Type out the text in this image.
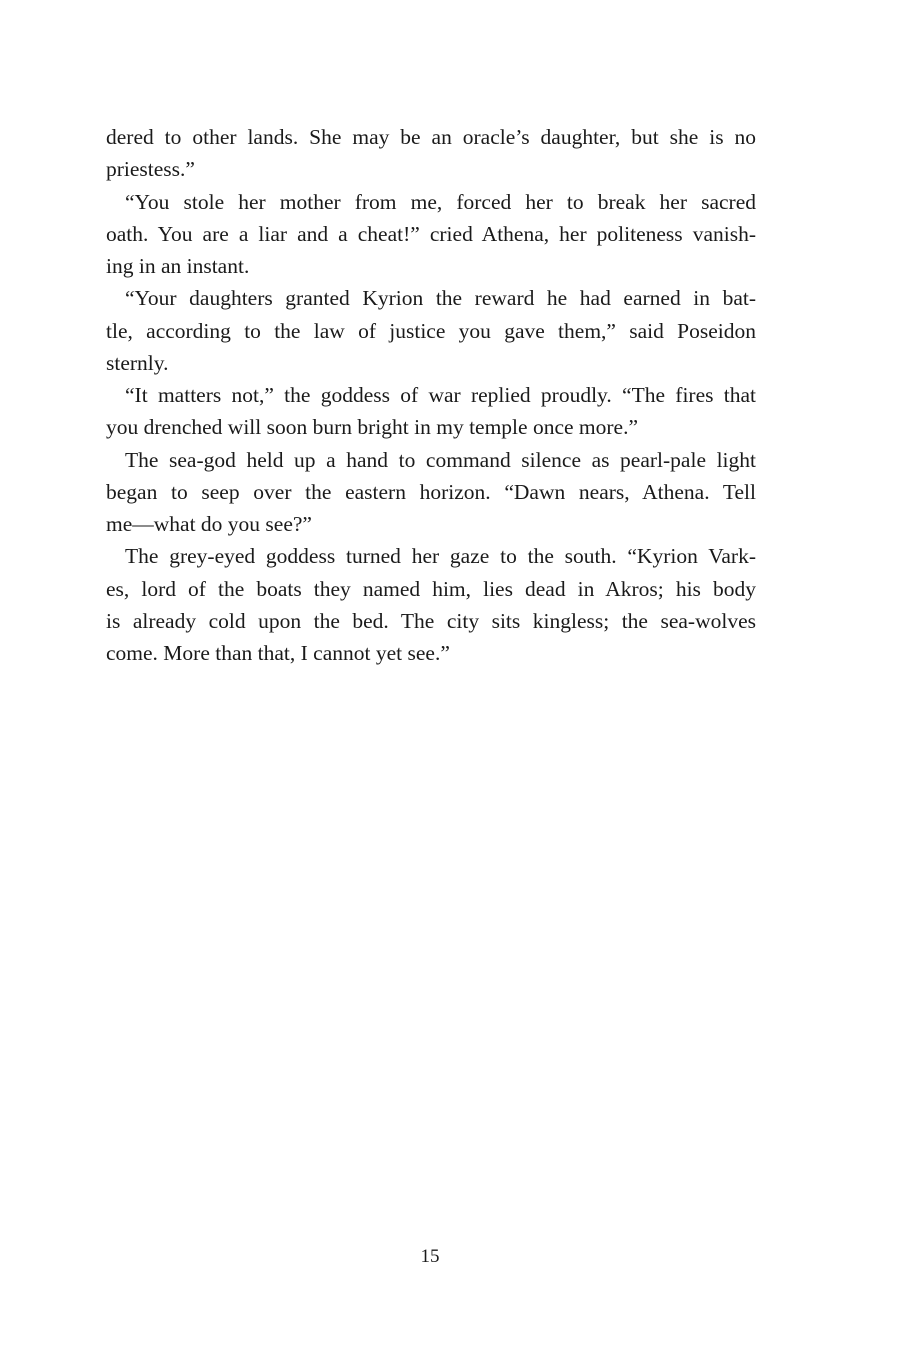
dered to other lands. She may be an oracle’s daughter, but she is no
priestess.”
“You stole her mother from me, forced her to break her sacred
oath. You are a liar and a cheat!” cried Athena, her politeness vanish-
ing in an instant.
“Your daughters granted Kyrion the reward he had earned in bat-
tle, according to the law of justice you gave them,” said Poseidon
sternly.
“It matters not,” the goddess of war replied proudly. “The fires that
you drenched will soon burn bright in my temple once more.”
The sea-god held up a hand to command silence as pearl-pale light
began to seep over the eastern horizon. “Dawn nears, Athena. Tell
me—what do you see?”
The grey-eyed goddess turned her gaze to the south. “Kyrion Vark-
es, lord of the boats they named him, lies dead in Akros; his body
is already cold upon the bed. The city sits kingless; the sea-wolves
come. More than that, I cannot yet see.”
15
